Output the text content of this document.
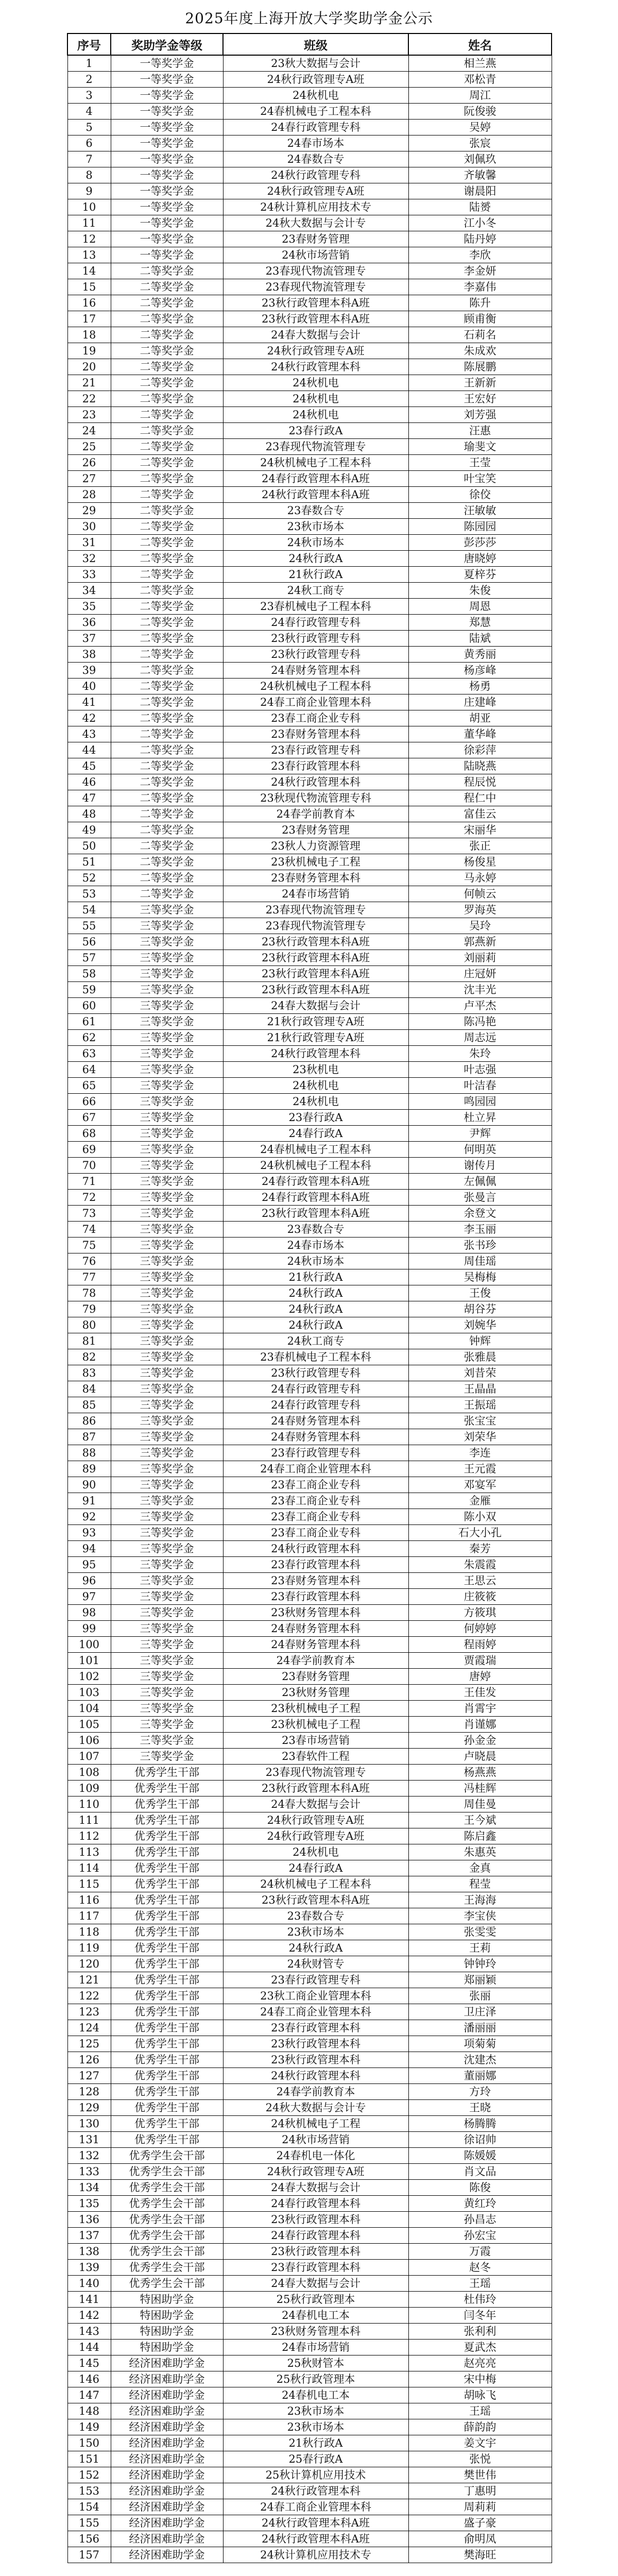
2025年度上海开放大学奖助学金公示
序号	奖助学金等级	班级	姓名
1	一等奖学金	23秋大数据与会计	相兰燕
2	一等奖学金	24秋行政管理专A班	邓松青
3	一等奖学金	24秋机电	周江
4	一等奖学金	24春机械电子工程本科	阮俊骏
5	一等奖学金	24春行政管理专科	吴婷
6	一等奖学金	24春市场本	张宸
7	一等奖学金	24春数合专	刘佩玖
8	一等奖学金	24秋行政管理专科	齐敏馨
9	一等奖学金	24秋行政管理专A班	谢晨阳
10	一等奖学金	24秋计算机应用技术专	陆赟
11	一等奖学金	24秋大数据与会计专	江小冬
12	一等奖学金	23春财务管理	陆丹婷
13	一等奖学金	24秋市场营销	李欣
14	二等奖学金	23春现代物流管理专	李金妍
15	二等奖学金	23春现代物流管理专	李嘉伟
16	二等奖学金	23秋行政管理本科A班	陈升
17	二等奖学金	23秋行政管理本科A班	顾甫衡
18	二等奖学金	24春大数据与会计	石莉名
19	二等奖学金	24秋行政管理专A班	朱成欢
20	二等奖学金	24秋行政管理本科	陈展鹏
21	二等奖学金	24秋机电	王新新
22	二等奖学金	24秋机电	王宏好
23	二等奖学金	24秋机电	刘芳强
24	二等奖学金	23春行政A	汪惠
25	二等奖学金	23春现代物流管理专	瑜斐文
26	二等奖学金	24秋机械电子工程本科	王莹
27	二等奖学金	24春行政管理本科A班	叶宝笑
28	二等奖学金	24秋行政管理本科A班	徐佼
29	二等奖学金	23春数合专	汪敏敏
30	二等奖学金	23秋市场本	陈园园
31	二等奖学金	24秋市场本	彭莎莎
32	二等奖学金	24秋行政A	唐晓婷
33	二等奖学金	21秋行政A	夏梓芬
34	二等奖学金	24秋工商专	朱俊
35	二等奖学金	23春机械电子工程本科	周恩
36	二等奖学金	24春行政管理专科	郑慧
37	二等奖学金	23秋行政管理专科	陆斌
38	二等奖学金	23秋行政管理专科	黄秀丽
39	二等奖学金	24春财务管理本科	杨彦峰
40	二等奖学金	24秋机械电子工程本科	杨勇
41	二等奖学金	24春工商企业管理本科	庄建峰
42	二等奖学金	23春工商企业专科	胡亚
43	二等奖学金	23春财务管理本科	董华峰
44	二等奖学金	23春行政管理专科	徐彩萍
45	二等奖学金	23春行政管理本科	陆晓燕
46	二等奖学金	24秋行政管理本科	程辰悦
47	二等奖学金	23秋现代物流管理专科	程仁中
48	二等奖学金	24春学前教育本	富佳云
49	二等奖学金	23春财务管理	宋丽华
50	二等奖学金	23秋人力资源管理	张正
51	二等奖学金	23秋机械电子工程	杨俊星
52	二等奖学金	23春财务管理本科	马永婷
53	二等奖学金	24春市场营销	何帧云
54	三等奖学金	23春现代物流管理专	罗海英
55	三等奖学金	23春现代物流管理专	吴玲
56	三等奖学金	23秋行政管理本科A班	郭燕新
57	三等奖学金	23秋行政管理本科A班	刘丽莉
58	三等奖学金	23秋行政管理本科A班	庄冠妍
59	三等奖学金	23秋行政管理本科A班	沈丰光
60	三等奖学金	24春大数据与会计	卢平杰
61	三等奖学金	21秋行政管理专A班	陈冯艳
62	三等奖学金	21秋行政管理专A班	周志远
63	三等奖学金	24秋行政管理本科	朱玲
64	三等奖学金	23秋机电	叶志强
65	三等奖学金	24秋机电	叶洁春
66	三等奖学金	24秋机电	鸣园园
67	三等奖学金	23春行政A	杜立昇
68	三等奖学金	24春行政A	尹辉
69	三等奖学金	24春机械电子工程本科	何明英
70	三等奖学金	24秋机械电子工程本科	谢传月
71	三等奖学金	24春行政管理本科A班	左佩佩
72	三等奖学金	24春行政管理本科A班	张曼言
73	三等奖学金	23秋行政管理本科A班	余登文
74	三等奖学金	23春数合专	李玉丽
75	三等奖学金	24春市场本	张书珍
76	三等奖学金	24秋市场本	周佳瑶
77	三等奖学金	21秋行政A	吴梅梅
78	三等奖学金	24秋行政A	王俊
79	三等奖学金	24秋行政A	胡谷芬
80	三等奖学金	24秋行政A	刘婉华
81	三等奖学金	24秋工商专	钟辉
82	三等奖学金	23春机械电子工程本科	张雅晨
83	三等奖学金	23秋行政管理专科	刘昔荣
84	三等奖学金	24春行政管理专科	王晶晶
85	三等奖学金	24春行政管理专科	王振瑶
86	三等奖学金	24春财务管理本科	张宝宝
87	三等奖学金	24春财务管理本科	刘荣华
88	三等奖学金	23春行政管理专科	李连
89	三等奖学金	24春工商企业管理本科	王元霞
90	三等奖学金	23春工商企业专科	邓宴军
91	三等奖学金	23春工商企业专科	金雁
92	三等奖学金	23春工商企业专科	陈小双
93	三等奖学金	23春工商企业专科	石大小孔
94	三等奖学金	24秋行政管理本科	秦芳
95	三等奖学金	23春行政管理本科	朱震霞
96	三等奖学金	23春财务管理本科	王思云
97	三等奖学金	23春行政管理本科	庄筱筱
98	三等奖学金	23秋财务管理本科	方筱琪
99	三等奖学金	24春财务管理本科	何婷婷
100	三等奖学金	24春财务管理本科	程雨婷
101	三等奖学金	24春学前教育本	贾霞瑞
102	三等奖学金	23春财务管理	唐婷
103	三等奖学金	23秋财务管理	王佳发
104	三等奖学金	23秋机械电子工程	肖霄宇
105	三等奖学金	23秋机械电子工程	肖谨娜
106	三等奖学金	23春市场营销	孙金金
107	三等奖学金	23春软件工程	卢晓晨
108	优秀学生干部	23春现代物流管理专	杨燕燕
109	优秀学生干部	23秋行政管理本科A班	冯桂辉
110	优秀学生干部	24春大数据与会计	周佳曼
111	优秀学生干部	24秋行政管理专A班	王今斌
112	优秀学生干部	24秋行政管理专A班	陈启鑫
113	优秀学生干部	24秋机电	朱惠英
114	优秀学生干部	24春行政A	金真
115	优秀学生干部	24秋机械电子工程本科	程莹
116	优秀学生干部	23秋行政管理本科A班	王海海
117	优秀学生干部	23春数合专	李宝侠
118	优秀学生干部	23秋市场本	张雯雯
119	优秀学生干部	24秋行政A	王莉
120	优秀学生干部	24秋财管专	钟钟玲
121	优秀学生干部	23春行政管理专科	郑丽颖
122	优秀学生干部	23秋工商企业管理本科	张丽
123	优秀学生干部	24春工商企业管理本科	卫庄泽
124	优秀学生干部	23春行政管理本科	潘丽丽
125	优秀学生干部	23秋行政管理本科	项菊菊
126	优秀学生干部	23秋行政管理本科	沈建杰
127	优秀学生干部	24秋行政管理本科	董丽娜
128	优秀学生干部	24春学前教育本	方玲
129	优秀学生干部	24秋大数据与会计专	王晓
130	优秀学生干部	24秋机械电子工程	杨腾腾
131	优秀学生干部	24秋市场营销	徐诏帅
132	优秀学生会干部	24春机电一体化	陈媛媛
133	优秀学生会干部	24秋行政管理专A班	肖文品
134	优秀学生会干部	24春大数据与会计	陈俊
135	优秀学生会干部	24春行政管理本科	黄红玲
136	优秀学生会干部	23秋行政管理本科	孙昌志
137	优秀学生会干部	24春行政管理本科	孙宏宝
138	优秀学生会干部	23秋行政管理本科	万霞
139	优秀学生会干部	23春行政管理本科	赵冬
140	优秀学生会干部	24春大数据与会计	王瑶
141	特困助学金	25秋行政管理本	杜伟玲
142	特困助学金	24春机电工本	闫冬年
143	特困助学金	23秋财务管理本科	张利利
144	特困助学金	24春市场营销	夏武杰
145	经济困难助学金	25秋财管本	赵亮亮
146	经济困难助学金	25秋行政管理本	宋中梅
147	经济困难助学金	24春机电工本	胡咏飞
148	经济困难助学金	23秋市场本	王瑶
149	经济困难助学金	23秋市场本	薛韵韵
150	经济困难助学金	21秋行政A	姜文宇
151	经济困难助学金	25春行政A	张悦
152	经济困难助学金	25秋计算机应用技术	樊世伟
153	经济困难助学金	24秋行政管理本科	丁惠明
154	经济困难助学金	24春工商企业管理本科	周莉莉
155	经济困难助学金	24秋行政管理本科A班	盛子豪
156	经济困难助学金	24秋行政管理本科A班	俞明凤
157	经济困难助学金	24秋计算机应用技术专	樊海旺
